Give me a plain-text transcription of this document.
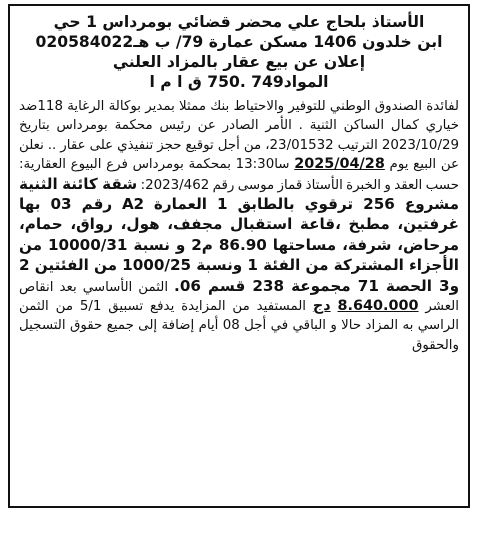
الأستاذ بلحاج علي محضر قضائي بومرداس 1 حي
ابن خلدون 1406 مسكن عمارة 79/ ب هـ020584022
إعلان عن بيع عقار بالمزاد العلني
المواد749 .750 ق ا م ا
لفائدة الصندوق الوطني للتوفير والاحتياط بنك ممثلا بمدير بوكالة الرغاية 118ضد خياري كمال الساكن الثنية . الأمر الصادر عن رئيس محكمة بومرداس بتاريخ 2023/10/29 الترتيب 23/01532، من أجل توقيع حجز تنفيذي على عقار .. نعلن عن البيع يوم 2025/04/28 سا13:30 بمحكمة بومرداس فرع البيوع العقارية: حسب العقد و الخبرة الأستاذ قماز موسى رقم 2023/462: شقة كائنة الثنية مشروع 256 ترقوي بالطابق 1 العمارة A2 رقم 03 بها غرفتين، مطبخ ،قاعة استقبال مجفف، هول، رواق، حمام، مرحاض، شرفة، مساحتها 86.90 م2 و نسبة 10000/31 من الأجزاء المشتركة من الفئة 1 ونسبة 1000/25 من الفئتين 2 و3 الحصة 71 مجموعة 238 قسم 06. الثمن الأساسي بعد انقاص العشر 8.640.000 دج المستفيد من المزايدة يدفع تسبيق 5/1 من الثمن الراسي به المزاد حالا و الباقي في أجل 08 أيام إضافة إلى جميع حقوق التسجيل والحقوق
